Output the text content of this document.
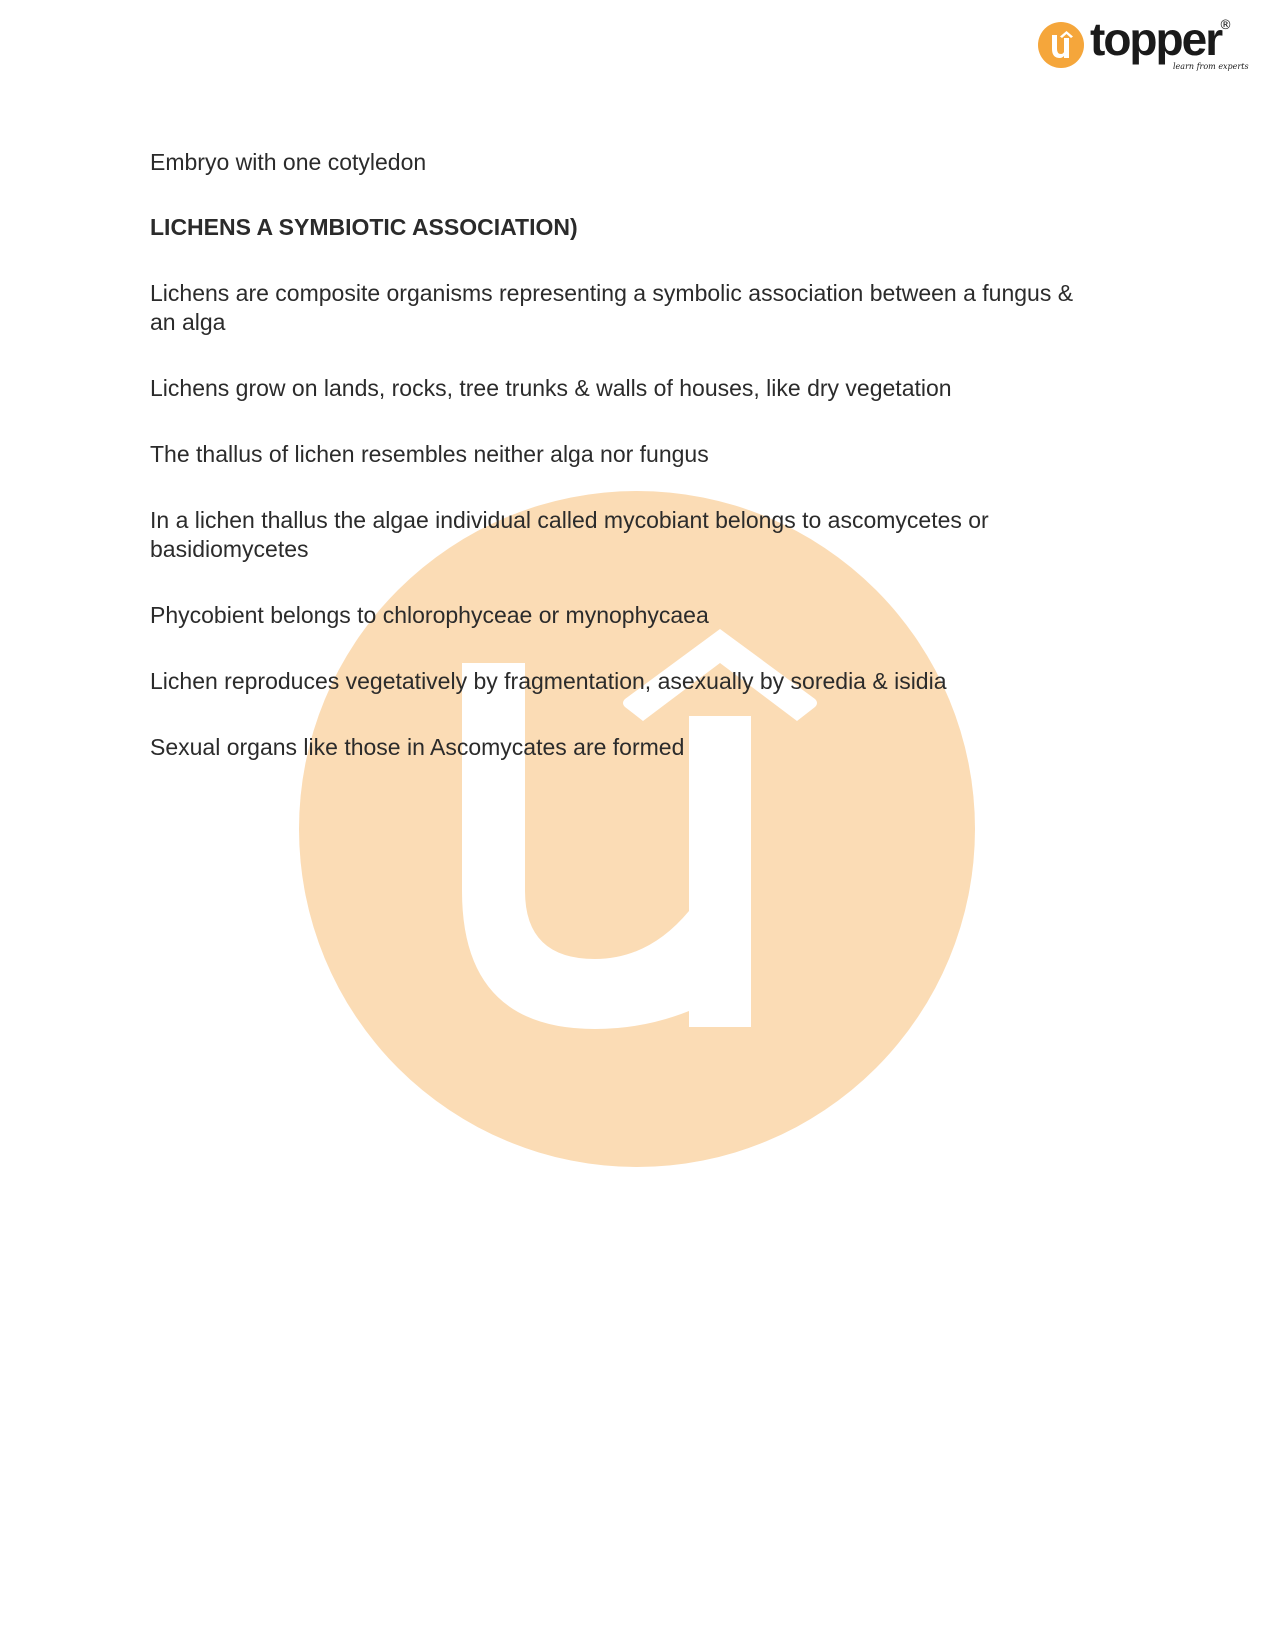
topper
®
learn from experts

Embryo with one cotyledon

LICHENS A SYMBIOTIC ASSOCIATION)

Lichens are composite organisms representing a symbolic association between a fungus & an alga

Lichens grow on lands, rocks, tree trunks & walls of houses, like dry vegetation

The thallus of lichen resembles neither alga nor fungus

In a lichen thallus the algae individual called mycobiant belongs to ascomycetes or basidiomycetes

Phycobient belongs to chlorophyceae or mynophycaea

Lichen reproduces vegetatively by fragmentation, asexually by soredia & isidia

Sexual organs like those in Ascomycates are formed
